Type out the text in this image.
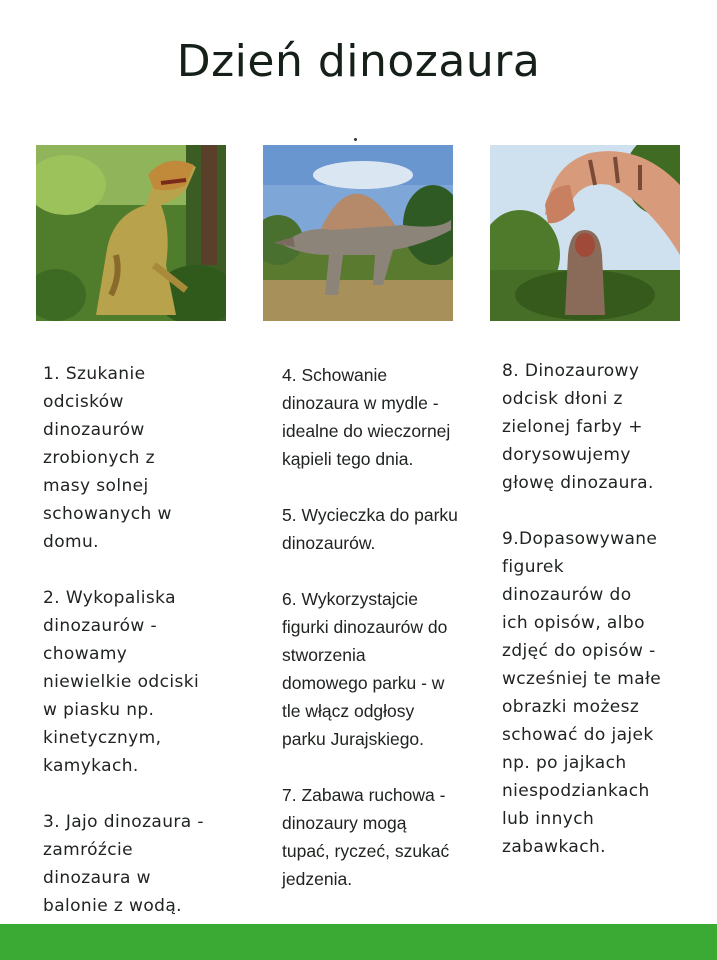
Dzień dinozaura

1. Szukanie
odcisków
dinozaurów
zrobionych z
masy solnej
schowanych w
domu.

2. Wykopaliska
dinozaurów -
chowamy
niewielkie odciski
w piasku np.
kinetycznym,
kamykach.

3. Jajo dinozaura -
zamróźcie
dinozaura w
balonie z wodą.

4. Schowanie
dinozaura w mydle -
idealne do wieczornej
kąpieli tego dnia.

5. Wycieczka do parku
dinozaurów.

6. Wykorzystajcie
figurki dinozaurów do
stworzenia
domowego parku - w
tle włącz odgłosy
parku Jurajskiego.

7. Zabawa ruchowa -
dinozaury mogą
tupać, ryczeć, szukać
jedzenia.

8. Dinozaurowy
odcisk dłoni z
zielonej farby +
dorysowujemy
głowę dinozaura.

9.Dopasowywane
figurek
dinozaurów do
ich opisów, albo
zdjęć do opisów -
wcześniej te małe
obrazki możesz
schować do jajek
np. po jajkach
niespodziankach
lub innych
zabawkach.
